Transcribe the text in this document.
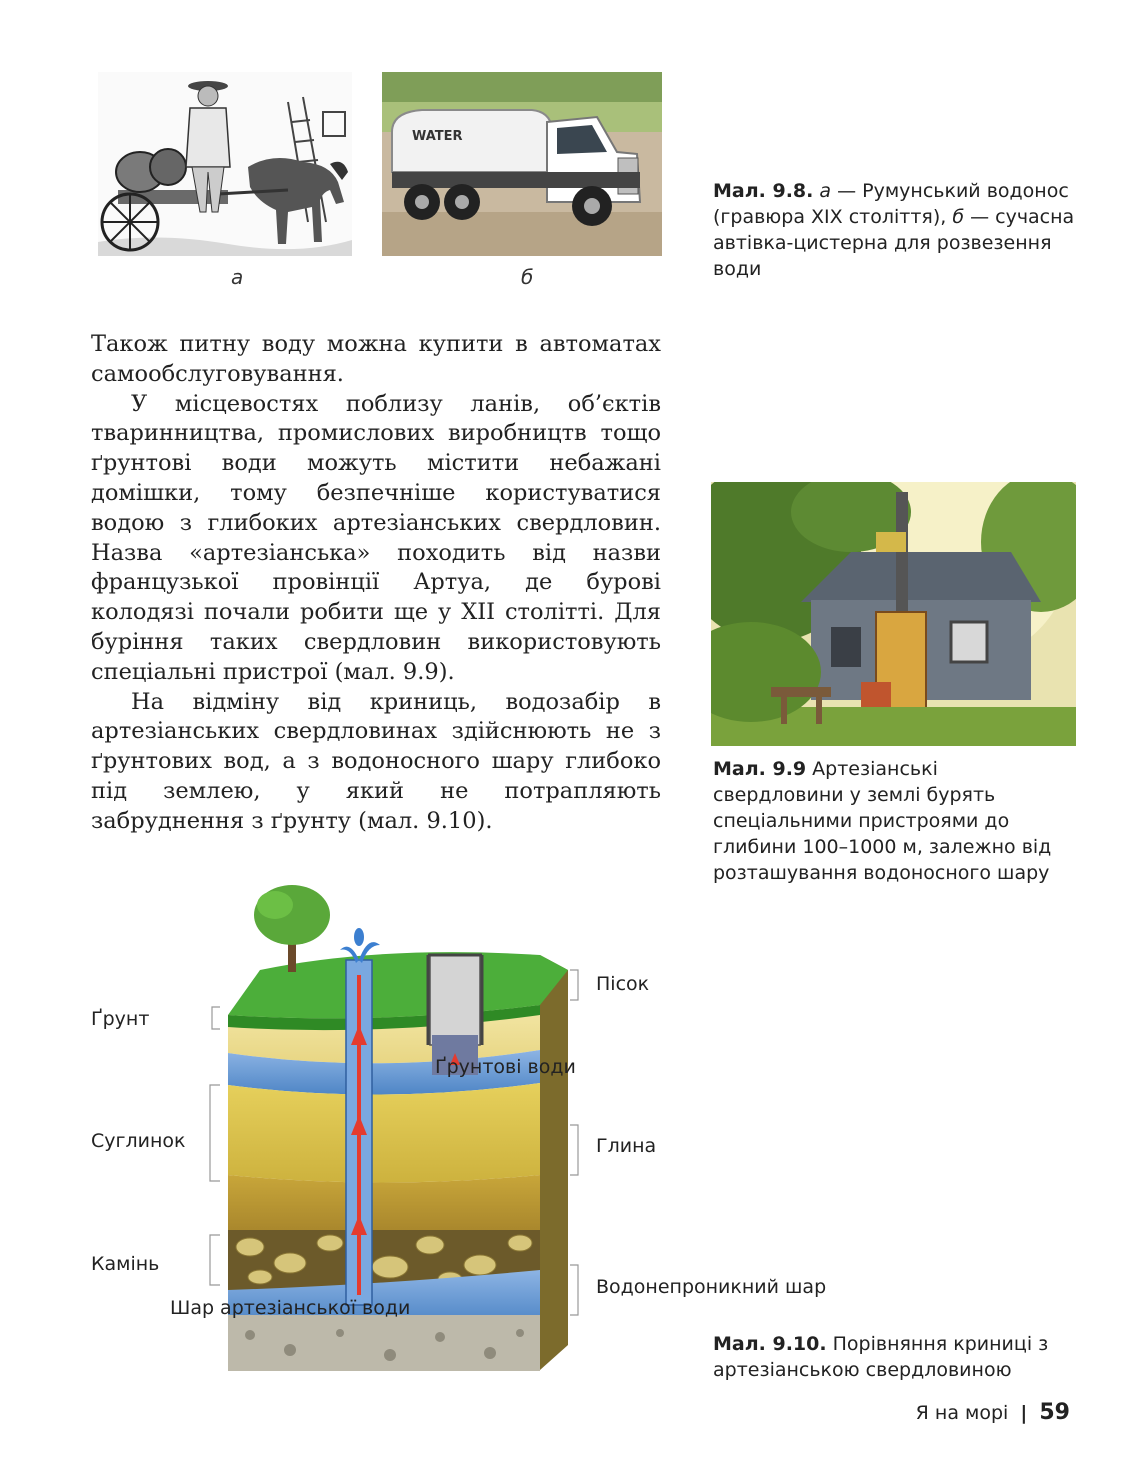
а
WATER
б
Мал. 9.8. а — Румунський водонос (гравюра XIX століття), б — сучасна автівка-цистерна для розвезення води

Також питну воду можна купити в автоматах самообслуговування.

У місцевостях поблизу ланів, об’єктів тваринництва, промислових виробництв тощо ґрунтові води можуть містити небажані домішки, тому безпечніше користуватися водою з глибоких артезіанських свердловин. Назва «артезіанська» походить від назви французької провінції Артуа, де бурові колодязі почали робити ще у XII столітті. Для буріння таких свердловин використовують спеціальні пристрої (мал. 9.9).

На відміну від криниць, водозабір в артезіанських свердловинах здійснюють не з ґрунтових вод, а з водоносного шару глибоко під землею, у який не потрапляють забруднення з ґрунту (мал. 9.10).

Мал. 9.9 Артезіанські свердловини у землі бурять спеціальними пристроями до глибини 100–1000 м, залежно від розташування водоносного шару
Пісок
Ґрунт
Ґрунтові води
Суглинок	Глина
Камінь
Водонепроникний шар
Шар артезіанської води
Мал. 9.10. Порівняння криниці з артезіанською свердловиною
Я на морі | 59
